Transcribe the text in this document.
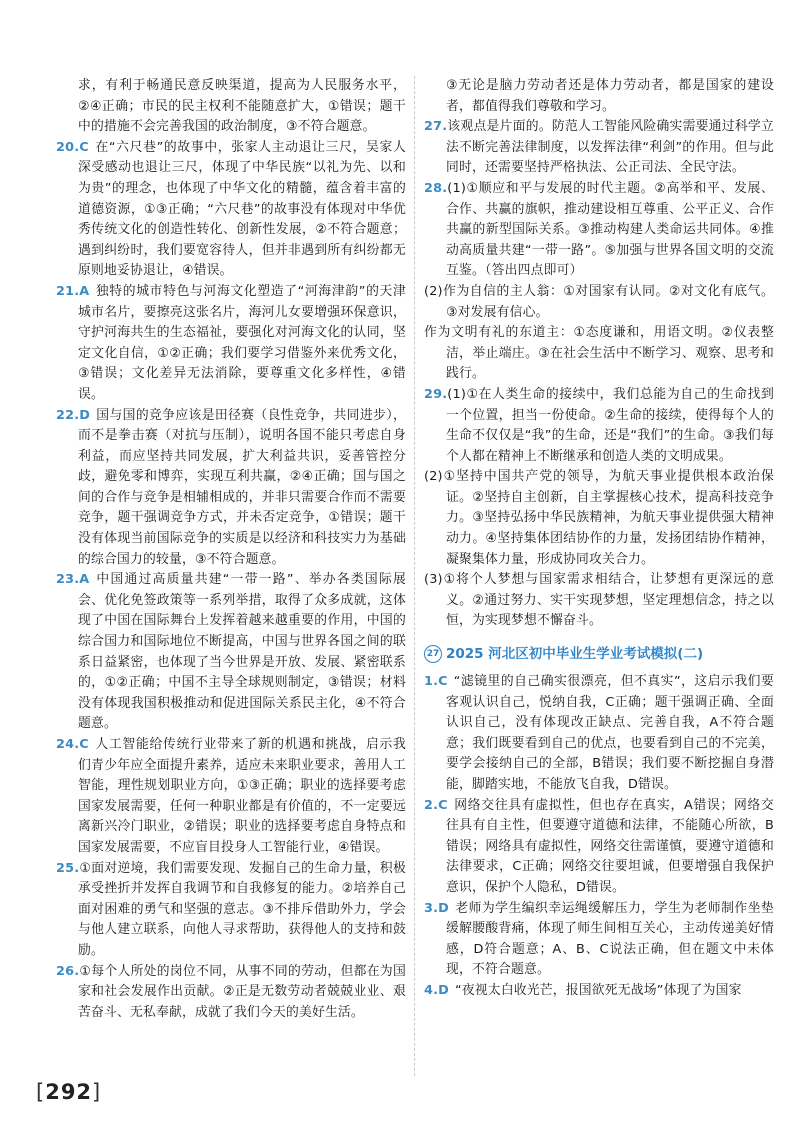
求，有利于畅通民意反映渠道，提高为人民服务水平，②④正确；市民的民主权利不能随意扩大，①错误；题干中的措施不会完善我国的政治制度，③不符合题意。

20.C 在“六尺巷”的故事中，张家人主动退让三尺，吴家人深受感动也退让三尺，体现了中华民族“以礼为先、以和为贵”的理念，也体现了中华文化的精髓，蕴含着丰富的道德资源，①③正确；“六尺巷”的故事没有体现对中华优秀传统文化的创造性转化、创新性发展，②不符合题意；遇到纠纷时，我们要宽容待人，但并非遇到所有纠纷都无原则地妥协退让，④错误。

21.A 独特的城市特色与河海文化塑造了“河海津韵”的天津城市名片，要擦亮这张名片，海河儿女要增强环保意识，守护河海共生的生态福祉，要强化对河海文化的认同，坚定文化自信，①②正确；我们要学习借鉴外来优秀文化，③错误；文化差异无法消除，要尊重文化多样性，④错误。

22.D 国与国的竞争应该是田径赛（良性竞争，共同进步），而不是拳击赛（对抗与压制），说明各国不能只考虑自身利益，而应坚持共同发展，扩大利益共识，妥善管控分歧，避免零和博弈，实现互利共赢，②④正确；国与国之间的合作与竞争是相辅相成的，并非只需要合作而不需要竞争，题干强调竞争方式，并未否定竞争，①错误；题干没有体现当前国际竞争的实质是以经济和科技实力为基础的综合国力的较量，③不符合题意。

23.A 中国通过高质量共建“一带一路”、举办各类国际展会、优化免签政策等一系列举措，取得了众多成就，这体现了中国在国际舞台上发挥着越来越重要的作用，中国的综合国力和国际地位不断提高，中国与世界各国之间的联系日益紧密，也体现了当今世界是开放、发展、紧密联系的，①②正确；中国不主导全球规则制定，③错误；材料没有体现我国积极推动和促进国际关系民主化，④不符合题意。

24.C 人工智能给传统行业带来了新的机遇和挑战，启示我们青少年应全面提升素养，适应未来职业要求，善用人工智能，理性规划职业方向，①③正确；职业的选择要考虑国家发展需要，任何一种职业都是有价值的，不一定要远离新兴冷门职业，②错误；职业的选择要考虑自身特点和国家发展需要，不应盲目投身人工智能行业，④错误。

25.①面对逆境，我们需要发现、发掘自己的生命力量，积极承受挫折并发挥自我调节和自我修复的能力。②培养自己面对困难的勇气和坚强的意志。③不排斥借助外力，学会与他人建立联系，向他人寻求帮助，获得他人的支持和鼓励。

26.①每个人所处的岗位不同，从事不同的劳动，但都在为国家和社会发展作出贡献。②正是无数劳动者兢兢业业、艰苦奋斗、无私奉献，成就了我们今天的美好生活。

③无论是脑力劳动者还是体力劳动者，都是国家的建设者，都值得我们尊敬和学习。

27.该观点是片面的。防范人工智能风险确实需要通过科学立法不断完善法律制度，以发挥法律“利剑”的作用。但与此同时，还需要坚持严格执法、公正司法、全民守法。

28.(1)①顺应和平与发展的时代主题。②高举和平、发展、合作、共赢的旗帜，推动建设相互尊重、公平正义、合作共赢的新型国际关系。③推动构建人类命运共同体。④推动高质量共建“一带一路”。⑤加强与世界各国文明的交流互鉴。（答出四点即可）

(2)作为自信的主人翁：①对国家有认同。②对文化有底气。③对发展有信心。

作为文明有礼的东道主：①态度谦和，用语文明。②仪表整洁，举止端庄。③在社会生活中不断学习、观察、思考和践行。

29.(1)①在人类生命的接续中，我们总能为自己的生命找到一个位置，担当一份使命。②生命的接续，使得每个人的生命不仅仅是“我”的生命，还是“我们”的生命。③我们每个人都在精神上不断继承和创造人类的文明成果。

(2)①坚持中国共产党的领导，为航天事业提供根本政治保证。②坚持自主创新，自主掌握核心技术，提高科技竞争力。③坚持弘扬中华民族精神，为航天事业提供强大精神动力。④坚持集体团结协作的力量，发扬团结协作精神，凝聚集体力量，形成协同攻关合力。

(3)①将个人梦想与国家需求相结合，让梦想有更深远的意义。②通过努力、实干实现梦想，坚定理想信念，持之以恒，为实现梦想不懈奋斗。

27 2025 河北区初中毕业生学业考试模拟(二)

1.C “滤镜里的自己确实很漂亮，但不真实”，这启示我们要客观认识自己，悦纳自我，C正确；题干强调正确、全面认识自己，没有体现改正缺点、完善自我，A不符合题意；我们既要看到自己的优点，也要看到自己的不完美，要学会接纳自己的全部，B错误；我们要不断挖掘自身潜能，脚踏实地，不能放飞自我，D错误。

2.C 网络交往具有虚拟性，但也存在真实，A错误；网络交往具有自主性，但要遵守道德和法律，不能随心所欲，B错误；网络具有虚拟性，网络交往需谨慎，要遵守道德和法律要求，C正确；网络交往要坦诚，但要增强自我保护意识，保护个人隐私，D错误。

3.D 老师为学生编织幸运绳缓解压力，学生为老师制作坐垫缓解腰酸背痛，体现了师生间相互关心，主动传递美好情感，D符合题意；A、B、C说法正确，但在题文中未体现，不符合题意。

4.D “夜视太白收光芒，报国欲死无战场”体现了为国家

[292]
